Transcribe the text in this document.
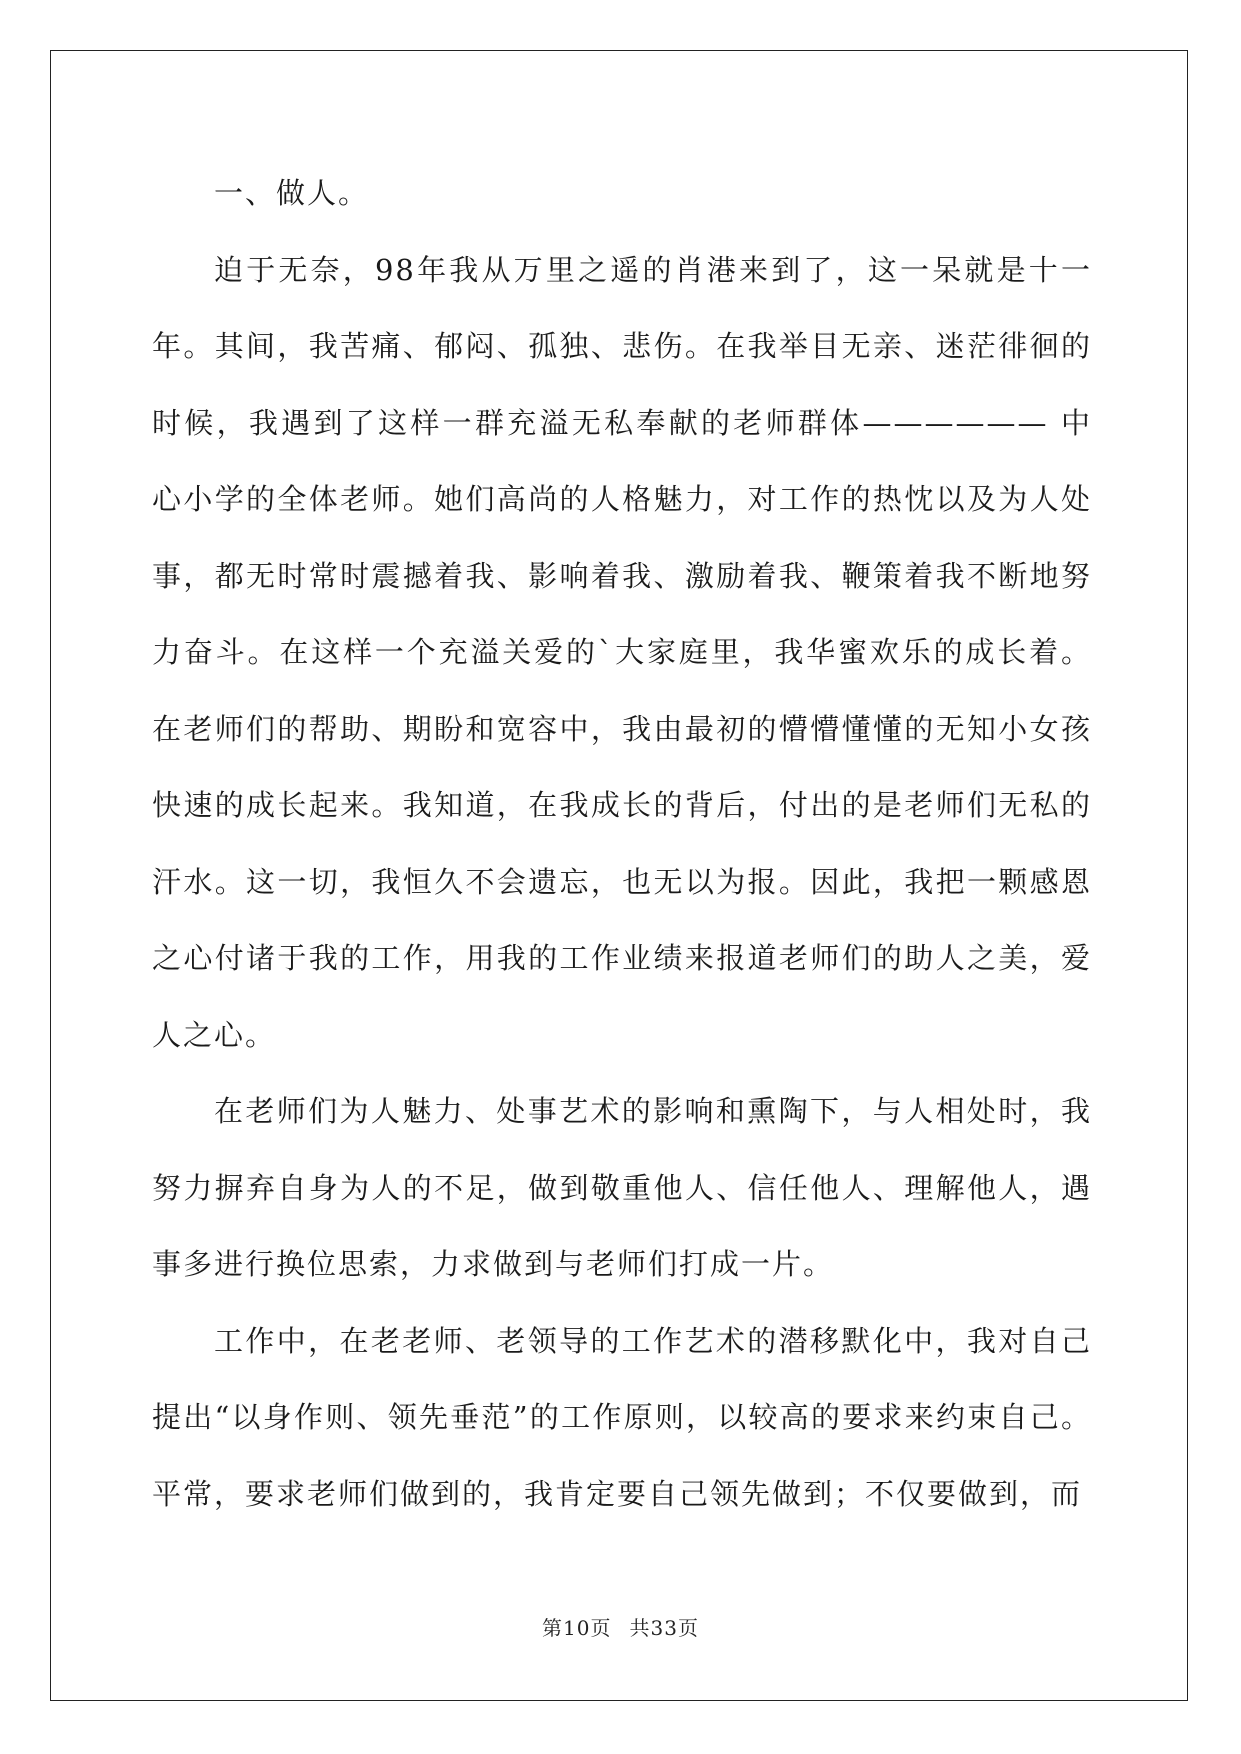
一、做人。

迫于无奈，98年我从万里之遥的肖港来到了，这一呆就是十一年。其间，我苦痛、郁闷、孤独、悲伤。在我举目无亲、迷茫徘徊的时候，我遇到了这样一群充溢无私奉献的老师群体—————— 中心小学的全体老师。她们高尚的人格魅力，对工作的热忱以及为人处事，都无时常时震撼着我、影响着我、激励着我、鞭策着我不断地努力奋斗。在这样一个充溢关爱的`大家庭里，我华蜜欢乐的成长着。在老师们的帮助、期盼和宽容中，我由最初的懵懵懂懂的无知小女孩快速的成长起来。我知道，在我成长的背后，付出的是老师们无私的汗水。这一切，我恒久不会遗忘，也无以为报。因此，我把一颗感恩之心付诸于我的工作，用我的工作业绩来报道老师们的助人之美，爱人之心。

在老师们为人魅力、处事艺术的影响和熏陶下，与人相处时，我努力摒弃自身为人的不足，做到敬重他人、信任他人、理解他人，遇事多进行换位思索，力求做到与老师们打成一片。

工作中，在老老师、老领导的工作艺术的潜移默化中，我对自己提出“以身作则、领先垂范”的工作原则，以较高的要求来约束自己。平常，要求老师们做到的，我肯定要自己领先做到；不仅要做到，而

第10页 共33页
